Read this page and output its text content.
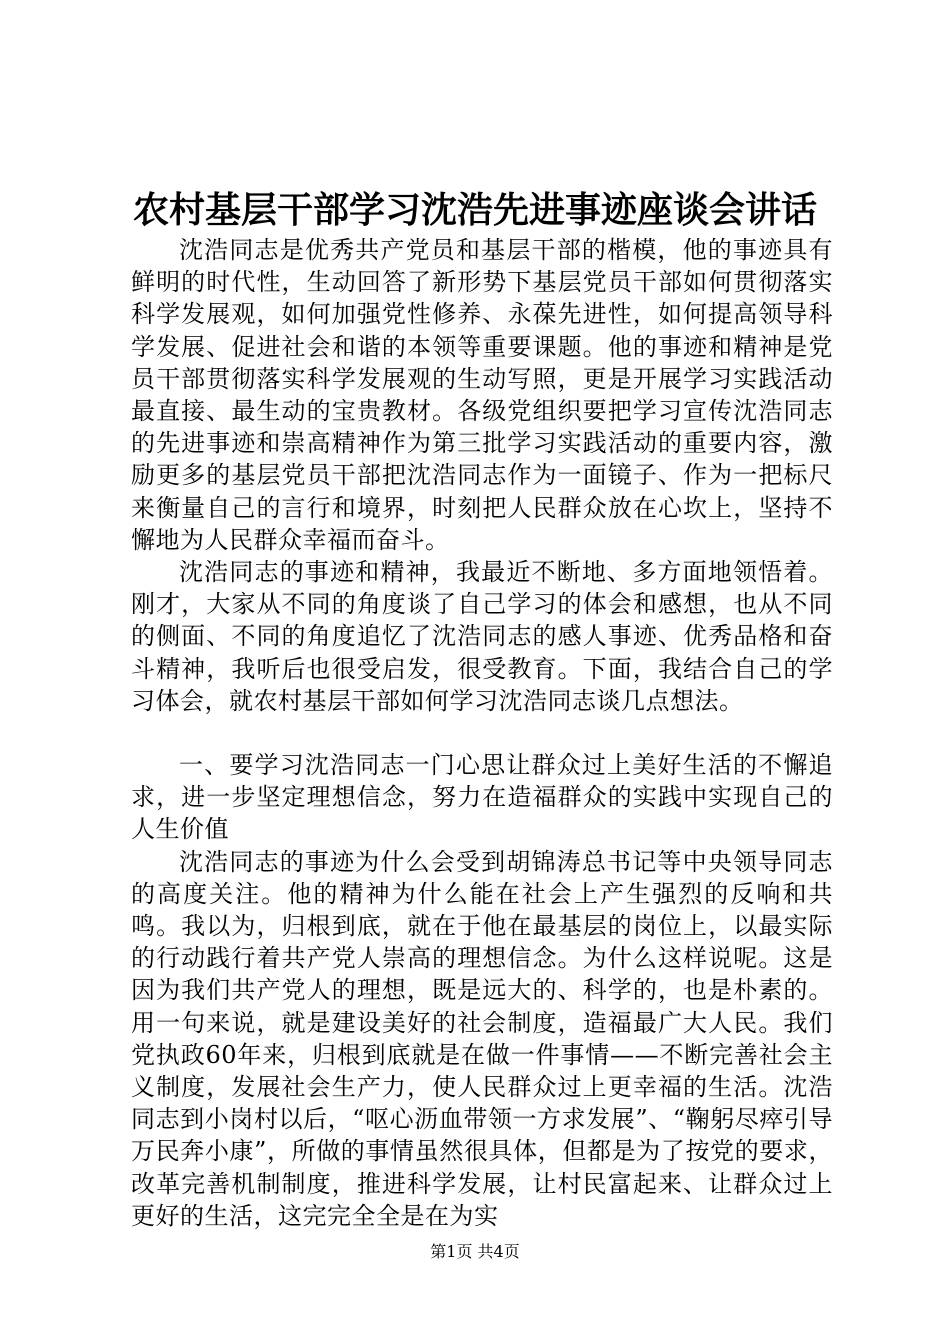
农村基层干部学习沈浩先进事迹座谈会讲话

沈浩同志是优秀共产党员和基层干部的楷模，他的事迹具有鲜明的时代性，生动回答了新形势下基层党员干部如何贯彻落实科学发展观，如何加强党性修养、永葆先进性，如何提高领导科学发展、促进社会和谐的本领等重要课题。他的事迹和精神是党员干部贯彻落实科学发展观的生动写照，更是开展学习实践活动最直接、最生动的宝贵教材。各级党组织要把学习宣传沈浩同志的先进事迹和崇高精神作为第三批学习实践活动的重要内容，激励更多的基层党员干部把沈浩同志作为一面镜子、作为一把标尺来衡量自己的言行和境界，时刻把人民群众放在心坎上，坚持不懈地为人民群众幸福而奋斗。

沈浩同志的事迹和精神，我最近不断地、多方面地领悟着。刚才，大家从不同的角度谈了自己学习的体会和感想，也从不同的侧面、不同的角度追忆了沈浩同志的感人事迹、优秀品格和奋斗精神，我听后也很受启发，很受教育。下面，我结合自己的学习体会，就农村基层干部如何学习沈浩同志谈几点想法。

一、要学习沈浩同志一门心思让群众过上美好生活的不懈追求，进一步坚定理想信念，努力在造福群众的实践中实现自己的人生价值

沈浩同志的事迹为什么会受到胡锦涛总书记等中央领导同志的高度关注。他的精神为什么能在社会上产生强烈的反响和共鸣。我以为，归根到底，就在于他在最基层的岗位上，以最实际的行动践行着共产党人崇高的理想信念。为什么这样说呢。这是因为我们共产党人的理想，既是远大的、科学的，也是朴素的。用一句来说，就是建设美好的社会制度，造福最广大人民。我们党执政60年来，归根到底就是在做一件事情——不断完善社会主义制度，发展社会生产力，使人民群众过上更幸福的生活。沈浩同志到小岗村以后，“呕心沥血带领一方求发展”、“鞠躬尽瘁引导万民奔小康”，所做的事情虽然很具体，但都是为了按党的要求，改革完善机制制度，推进科学发展，让村民富起来、让群众过上更好的生活，这完完全全是在为实

第1页 共4页
